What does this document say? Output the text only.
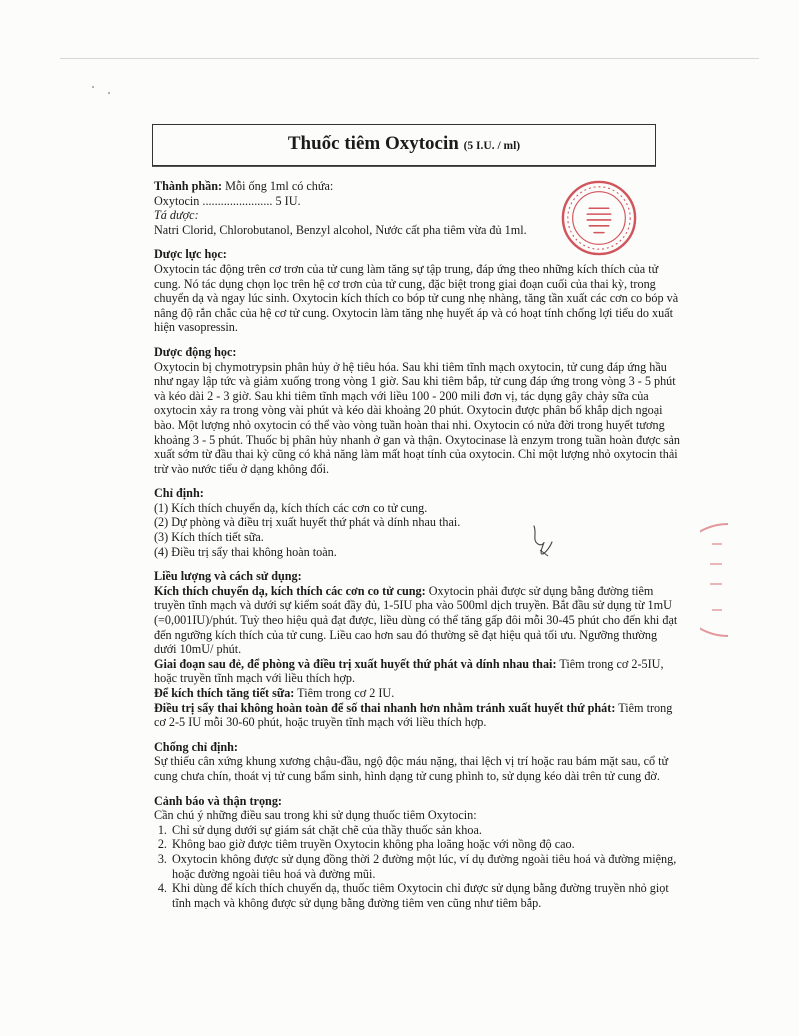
Thuốc tiêm Oxytocin (5 I.U. / ml)

Thành phần: Mỗi ống 1ml có chứa:

Oxytocin ....................... 5 IU.

Tá dược:

Natri Clorid, Chlorobutanol, Benzyl alcohol, Nước cất pha tiêm vừa đủ 1ml.

Dược lực học:

Oxytocin tác động trên cơ trơn của tử cung làm tăng sự tập trung, đáp ứng theo những kích thích của tử cung. Nó tác dụng chọn lọc trên hệ cơ trơn của tử cung, đặc biệt trong giai đoạn cuối của thai kỳ, trong chuyển dạ và ngay lúc sinh. Oxytocin kích thích co bóp tử cung nhẹ nhàng, tăng tần xuất các cơn co bóp và nâng độ rắn chắc của hệ cơ tử cung. Oxytocin làm tăng nhẹ huyết áp và có hoạt tính chống lợi tiểu do xuất hiện vasopressin.

Dược động học:

Oxytocin bị chymotrypsin phân hủy ở hệ tiêu hóa. Sau khi tiêm tĩnh mạch oxytocin, tử cung đáp ứng hầu như ngay lập tức và giảm xuống trong vòng 1 giờ. Sau khi tiêm bắp, tử cung đáp ứng trong vòng 3 - 5 phút và kéo dài 2 - 3 giờ. Sau khi tiêm tĩnh mạch với liều 100 - 200 mili đơn vị, tác dụng gây chảy sữa của oxytocin xảy ra trong vòng vài phút và kéo dài khoảng 20 phút. Oxytocin được phân bố khắp dịch ngoại bào. Một lượng nhỏ oxytocin có thể vào vòng tuần hoàn thai nhi. Oxytocin có nửa đời trong huyết tương khoảng 3 - 5 phút. Thuốc bị phân hủy nhanh ở gan và thận. Oxytocinase là enzym trong tuần hoàn được sản xuất sớm từ đầu thai kỳ cũng có khả năng làm mất hoạt tính của oxytocin. Chỉ một lượng nhỏ oxytocin thải trừ vào nước tiểu ở dạng không đổi.

Chỉ định:

(1) Kích thích chuyển dạ, kích thích các cơn co tử cung.

(2) Dự phòng và điều trị xuất huyết thứ phát và dính nhau thai.

(3) Kích thích tiết sữa.

(4) Điều trị sẩy thai không hoàn toàn.

Liều lượng và cách sử dụng:

Kích thích chuyển dạ, kích thích các cơn co tử cung: Oxytocin phải được sử dụng bằng đường tiêm truyền tĩnh mạch và dưới sự kiểm soát đầy đủ, 1-5IU pha vào 500ml dịch truyền. Bắt đầu sử dụng từ 1mU (=0,001IU)/phút. Tuỳ theo hiệu quả đạt được, liều dùng có thể tăng gấp đôi mỗi 30-45 phút cho đến khi đạt đến ngưỡng kích thích của tử cung. Liều cao hơn sau đó thường sẽ đạt hiệu quả tối ưu. Ngưỡng thường dưới 10mU/ phút.

Giai đoạn sau đẻ, để phòng và điều trị xuất huyết thứ phát và dính nhau thai: Tiêm trong cơ 2-5IU, hoặc truyền tĩnh mạch với liều thích hợp.

Để kích thích tăng tiết sữa: Tiêm trong cơ 2 IU.

Điều trị sẩy thai không hoàn toàn để số thai nhanh hơn nhằm tránh xuất huyết thứ phát: Tiêm trong cơ 2-5 IU mỗi 30-60 phút, hoặc truyền tĩnh mạch với liều thích hợp.

Chống chỉ định:

Sự thiếu cân xứng khung xương chậu-đầu, ngộ độc máu nặng, thai lệch vị trí hoặc rau bám mặt sau, cổ tử cung chưa chín, thoát vị tử cung bẩm sinh, hình dạng tử cung phình to, sử dụng kéo dài trên tử cung đờ.

Cảnh báo và thận trọng:

Cần chú ý những điều sau trong khi sử dụng thuốc tiêm Oxytocin:

1. Chỉ sử dụng dưới sự giám sát chặt chẽ của thầy thuốc sản khoa.
2. Không bao giờ được tiêm truyền Oxytocin không pha loãng hoặc với nồng độ cao.
3. Oxytocin không được sử dụng đồng thời 2 đường một lúc, ví dụ đường ngoài tiêu hoá và đường miệng, hoặc đường ngoài tiêu hoá và đường mũi.
4. Khi dùng để kích thích chuyển dạ, thuốc tiêm Oxytocin chỉ được sử dụng bằng đường truyền nhỏ giọt tĩnh mạch và không được sử dụng bằng đường tiêm ven cũng như tiêm bắp.
